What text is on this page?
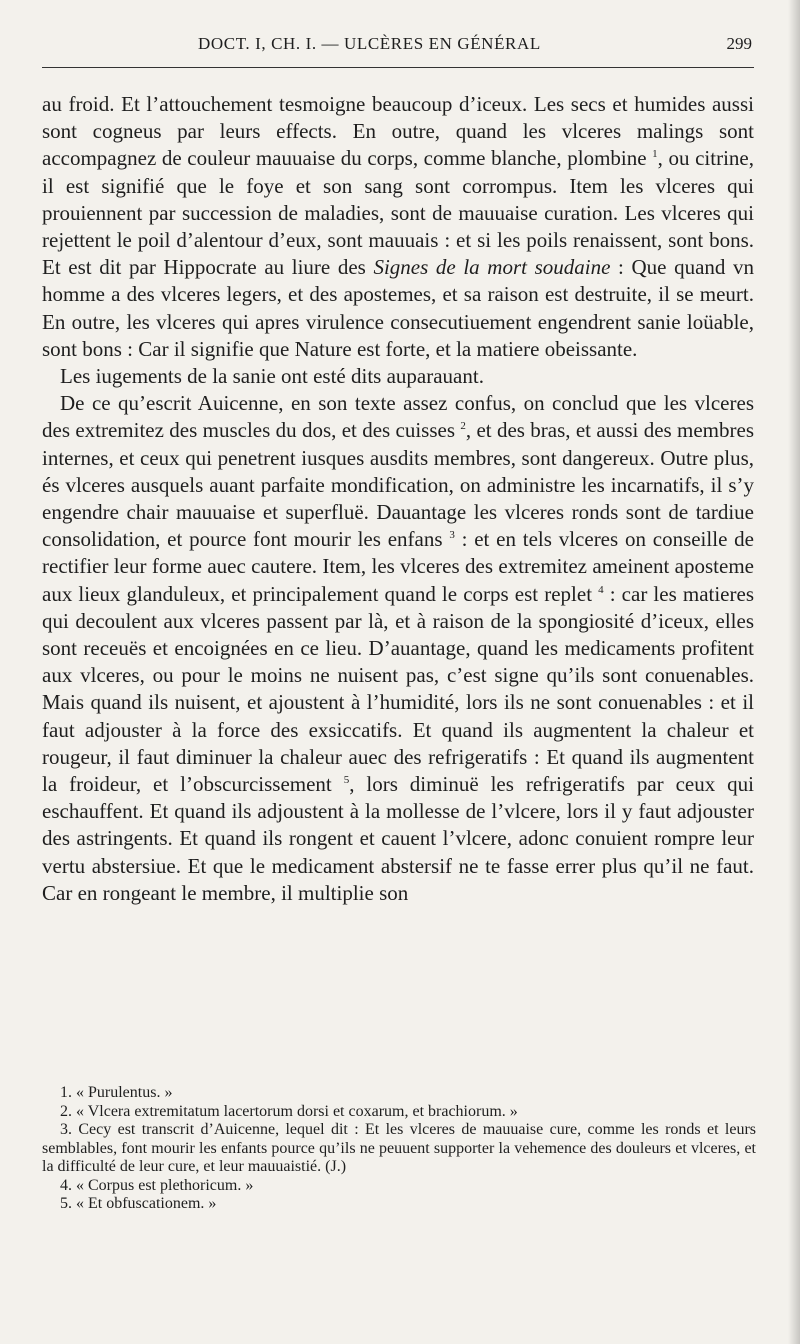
DOCT. I, CH. I. — ULCÈRES EN GÉNÉRAL	299

au froid. Et l’attouchement tesmoigne beaucoup d’iceux. Les secs et humides aussi sont cogneus par leurs effects. En outre, quand les vlceres malings sont accompagnez de couleur mauuaise du corps, comme blanche, plombine $^1$, ou citrine, il est signifié que le foye et son sang sont corrompus. Item les vlceres qui prouiennent par succession de maladies, sont de mauuaise curation. Les vlceres qui rejettent le poil d’alentour d’eux, sont mauuais : et si les poils renaissent, sont bons. Et est dit par Hippocrate au liure des Signes de la mort soudaine : Que quand vn homme a des vlceres legers, et des apostemes, et sa raison est destruite, il se meurt. En outre, les vlceres qui apres virulence consecutiuement engendrent sanie loüable, sont bons : Car il signifie que Nature est forte, et la matiere obeissante.

Les iugements de la sanie ont esté dits auparauant.

De ce qu’escrit Auicenne, en son texte assez confus, on conclud que les vlceres des extremitez des muscles du dos, et des cuisses $^2$, et des bras, et aussi des membres internes, et ceux qui penetrent iusques ausdits membres, sont dangereux. Outre plus, és vlceres ausquels auant parfaite mondification, on administre les incarnatifs, il s’y engendre chair mauuaise et superfluë. Dauantage les vlceres ronds sont de tardiue consolidation, et pource font mourir les enfans $^3$ : et en tels vlceres on conseille de rectifier leur forme auec cautere. Item, les vlceres des extremitez ameinent aposteme aux lieux glanduleux, et principalement quand le corps est replet $^4$ : car les matieres qui decoulent aux vlceres passent par là, et à raison de la spongiosité d’iceux, elles sont receuës et encoignées en ce lieu. D’auantage, quand les medicaments profitent aux vlceres, ou pour le moins ne nuisent pas, c’est signe qu’ils sont conuenables. Mais quand ils nuisent, et ajoustent à l’humidité, lors ils ne sont conuenables : et il faut adjouster à la force des exsiccatifs. Et quand ils augmentent la chaleur et rougeur, il faut diminuer la chaleur auec des refrigeratifs : Et quand ils augmentent la froideur, et l’obscurcissement $^5$, lors diminuë les refrigeratifs par ceux qui eschauffent. Et quand ils adjoustent à la mollesse de l’vlcere, lors il y faut adjouster des astringents. Et quand ils rongent et cauent l’vlcere, adonc conuient rompre leur vertu abstersiue. Et que le medicament abstersif ne te fasse errer plus qu’il ne faut. Car en rongeant le membre, il multiplie son

1. « Purulentus. »

2. « Vlcera extremitatum lacertorum dorsi et coxarum, et brachiorum. »

3. Cecy est transcrit d’Auicenne, lequel dit : Et les vlceres de mauuaise cure, comme les ronds et leurs semblables, font mourir les enfants pource qu’ils ne peuuent supporter la vehemence des douleurs et vlceres, et la difficulté de leur cure, et leur mauuaistié. (J.)

4. « Corpus est plethoricum. »

5. « Et obfuscationem. »
